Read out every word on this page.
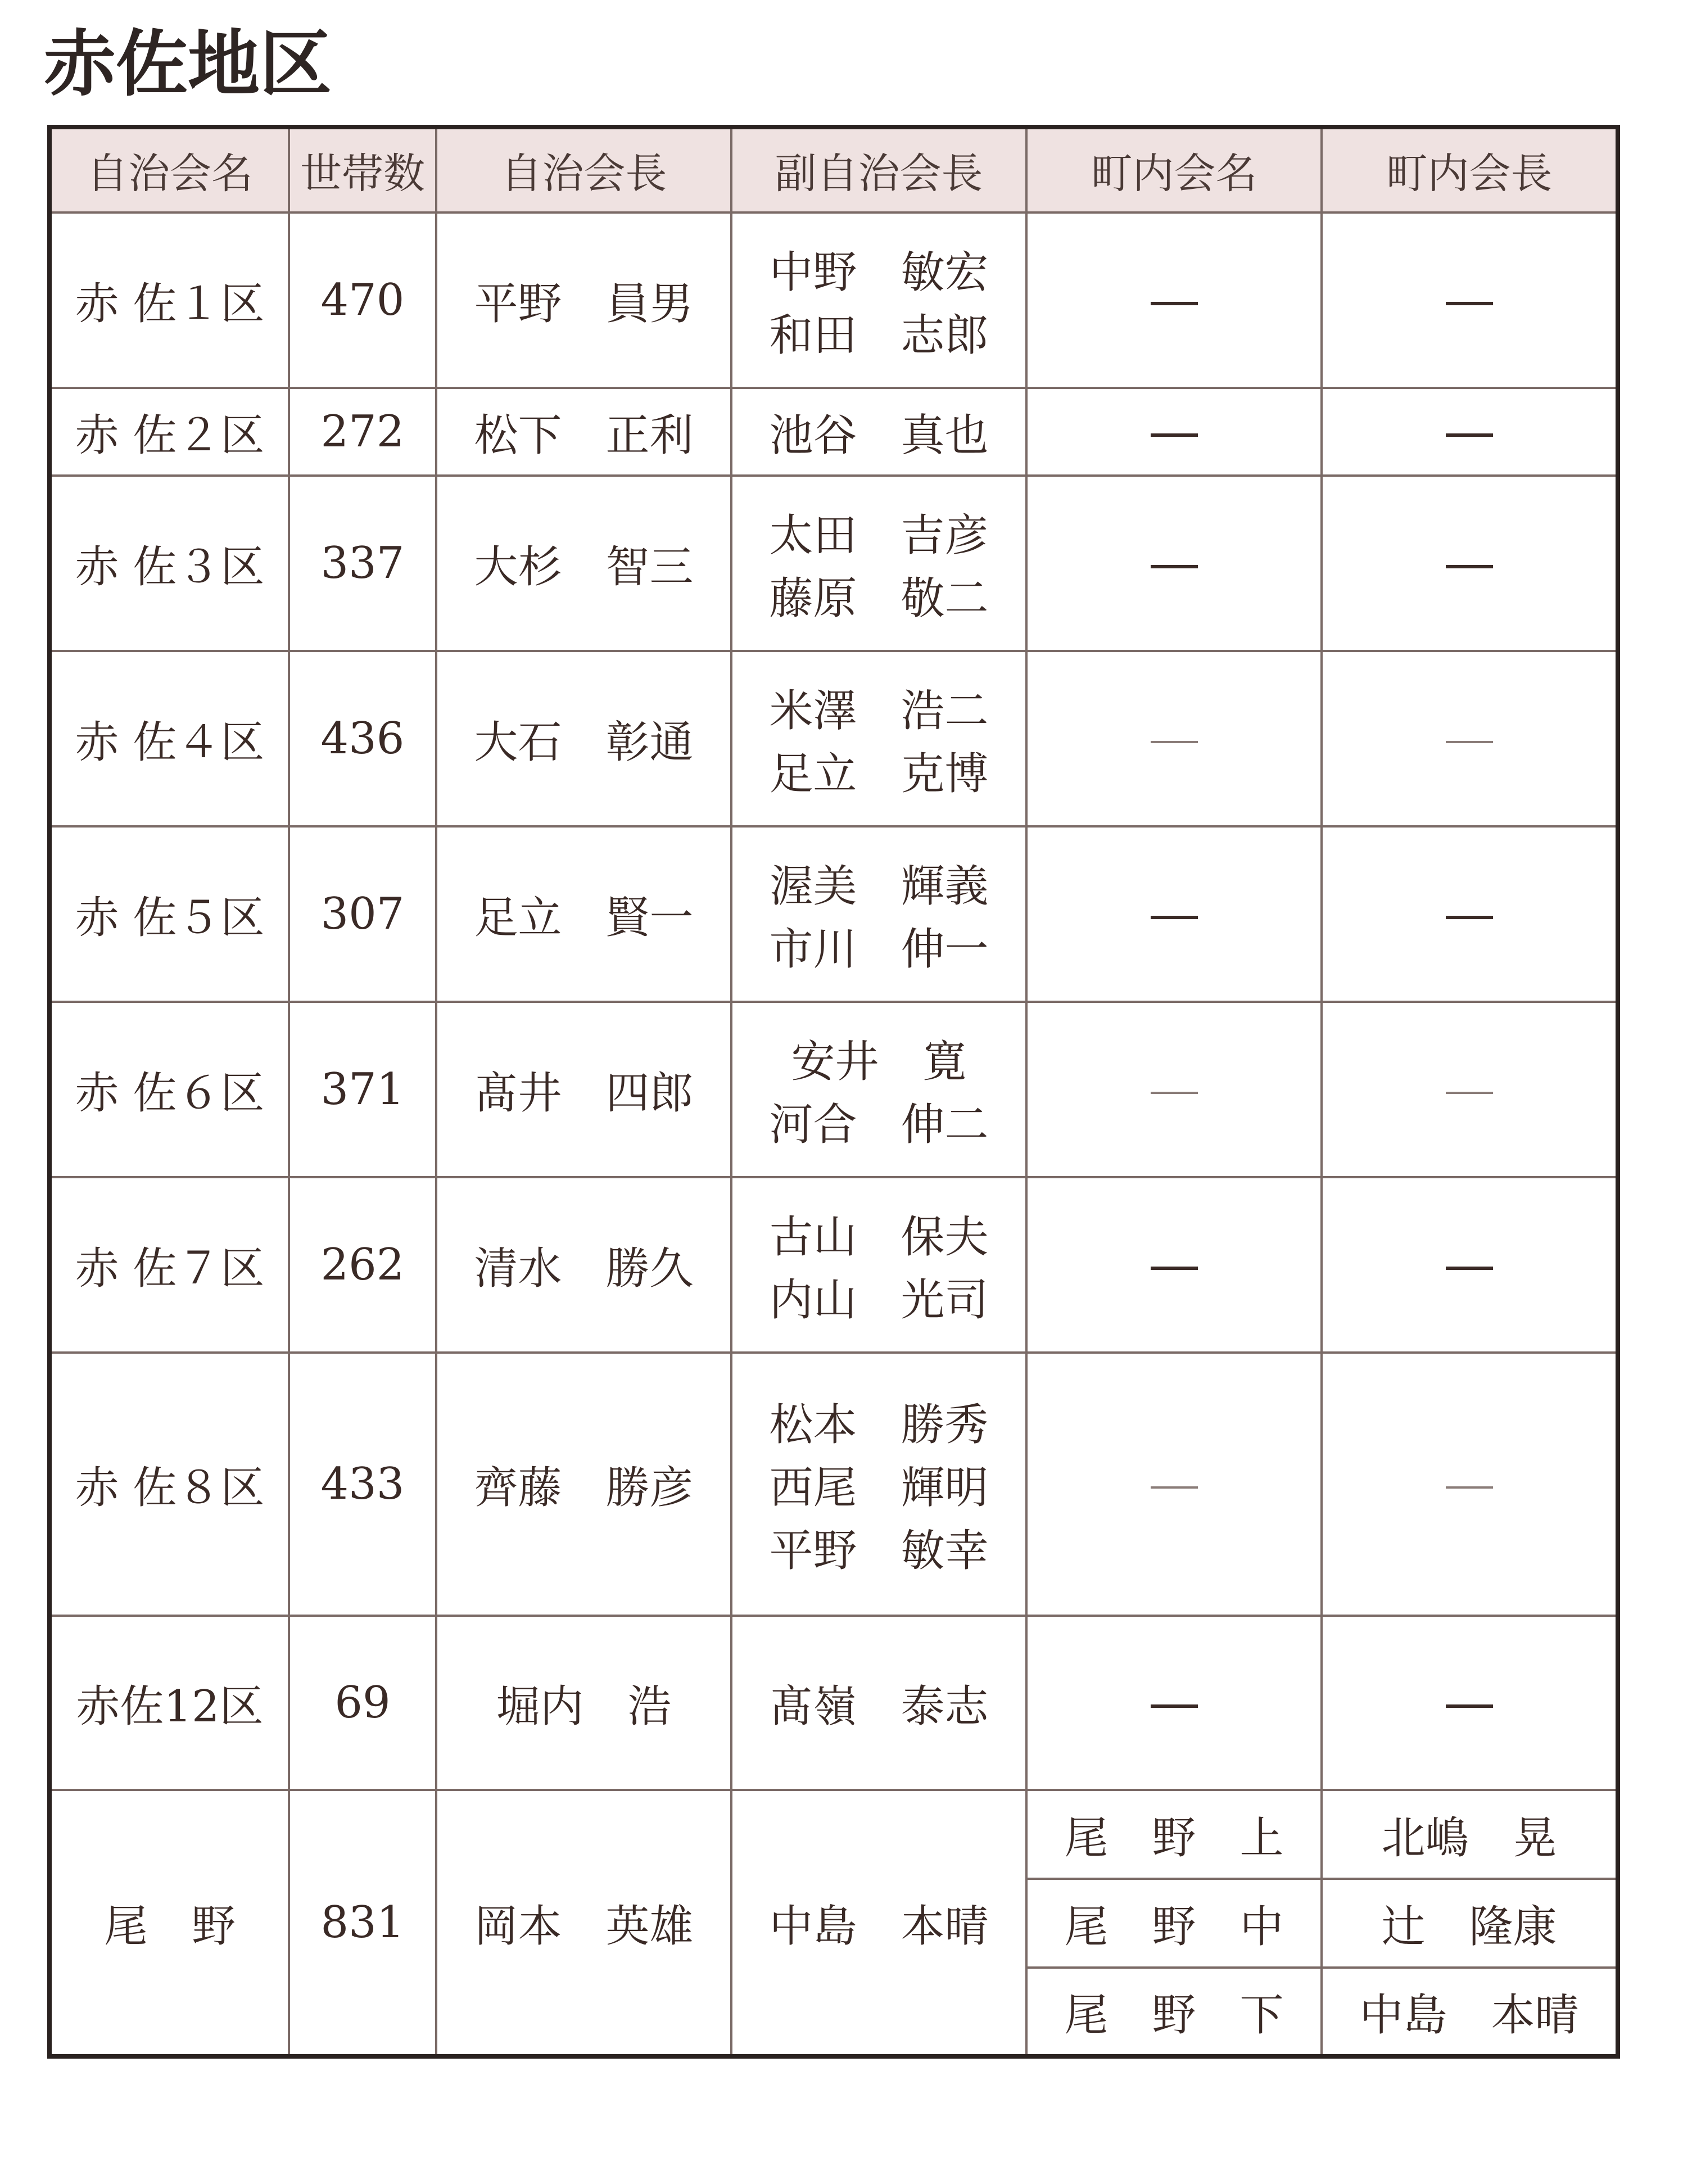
赤佐地区
自治会名	世帯数	自治会長	副自治会長	町内会名	町内会長
赤 佐１区	470	平野　員男	中野　敏宏
和田　志郎		
赤 佐２区	272	松下　正利	池谷　真也		
赤 佐３区	337	大杉　智三	太田　吉彦
藤原　敬二		
赤 佐４区	436	大石　彰通	米澤　浩二
足立　克博		
赤 佐５区	307	足立　賢一	渥美　輝義
市川　伸一		
赤 佐６区	371	髙井　四郎	安井　寛
河合　伸二		
赤 佐７区	262	清水　勝久	古山　保夫
内山　光司		
赤 佐８区	433	齊藤　勝彦	松本　勝秀
西尾　輝明
平野　敏幸		
赤佐12区	69	堀内　浩	髙嶺　泰志		
尾　野	831	岡本　英雄	中島　本晴	尾　野　上	北嶋　晃
				尾　野　中	辻　隆康
				尾　野　下	中島　本晴
